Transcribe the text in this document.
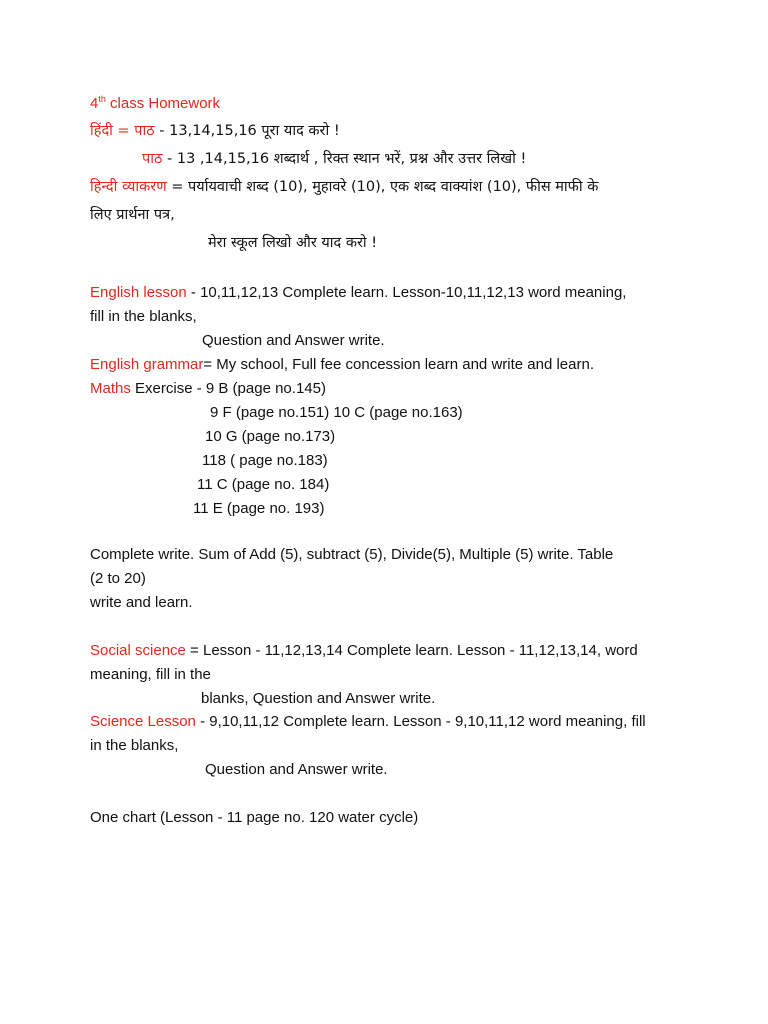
4th class Homework
हिंदी = पाठ - 13,14,15,16 पूरा याद करो !
पाठ - 13 ,14,15,16 शब्दार्थ , रिक्त स्थान भरें, प्रश्न और उत्तर लिखो !
हिन्दी व्याकरण = पर्यायवाची शब्द (10), मुहावरे (10), एक शब्द वाक्यांश (10), फीस माफी के
लिए प्रार्थना पत्र,
मेरा स्कूल लिखो और याद करो !
English lesson - 10,11,12,13 Complete learn. Lesson-10,11,12,13 word meaning,
fill in the blanks,
Question and Answer write.
English grammar= My school, Full fee concession learn and write and learn.
Maths Exercise - 9 B (page no.145)
9 F (page no.151) 10 C (page no.163)
10 G (page no.173)
118 ( page no.183)
11 C (page no. 184)
11 E (page no. 193)
Complete write. Sum of Add (5), subtract (5), Divide(5), Multiple (5) write. Table
(2 to 20)
write and learn.
Social science = Lesson - 11,12,13,14 Complete learn. Lesson - 11,12,13,14, word
meaning, fill in the
blanks, Question and Answer write.
Science Lesson - 9,10,11,12 Complete learn. Lesson - 9,10,11,12 word meaning, fill
in the blanks,
Question and Answer write.
One chart (Lesson - 11 page no. 120 water cycle)
